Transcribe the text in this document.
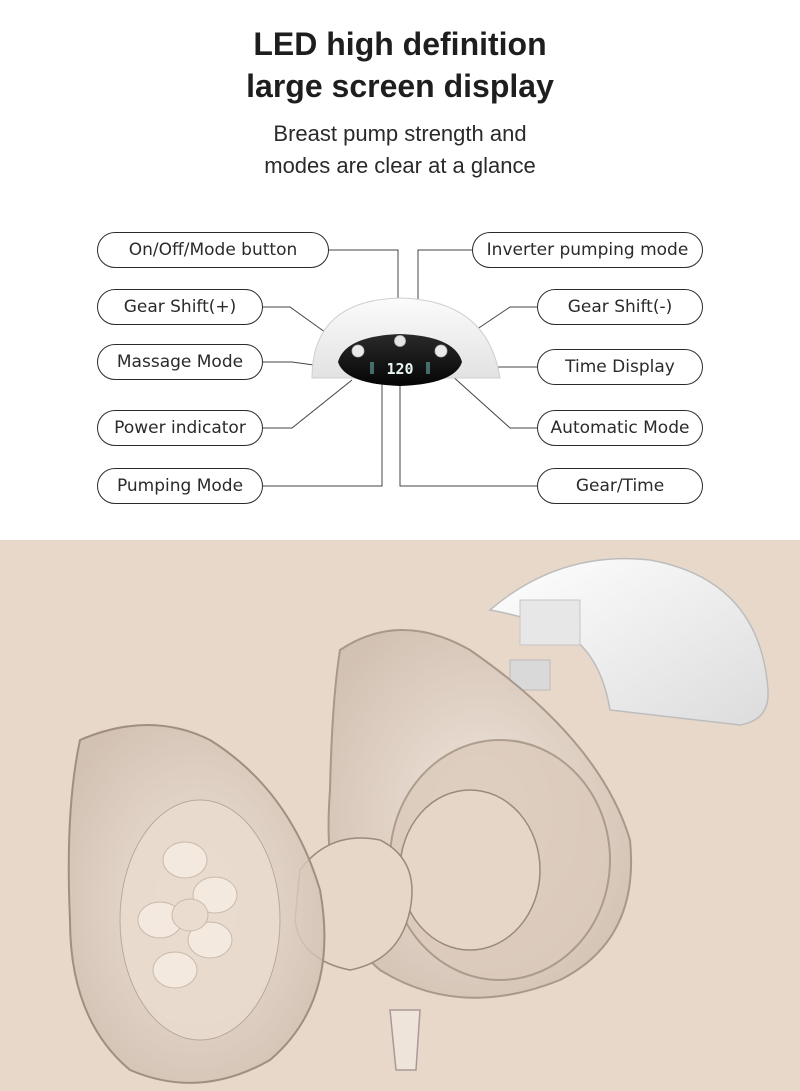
LED high definition
large screen display
Breast pump strength and
modes are clear at a glance
120
On/Off/Mode button
Gear Shift(+)
Massage Mode
Power indicator
Pumping Mode
Inverter pumping mode
Gear Shift(-)
Time Display
Automatic Mode
Gear/Time
